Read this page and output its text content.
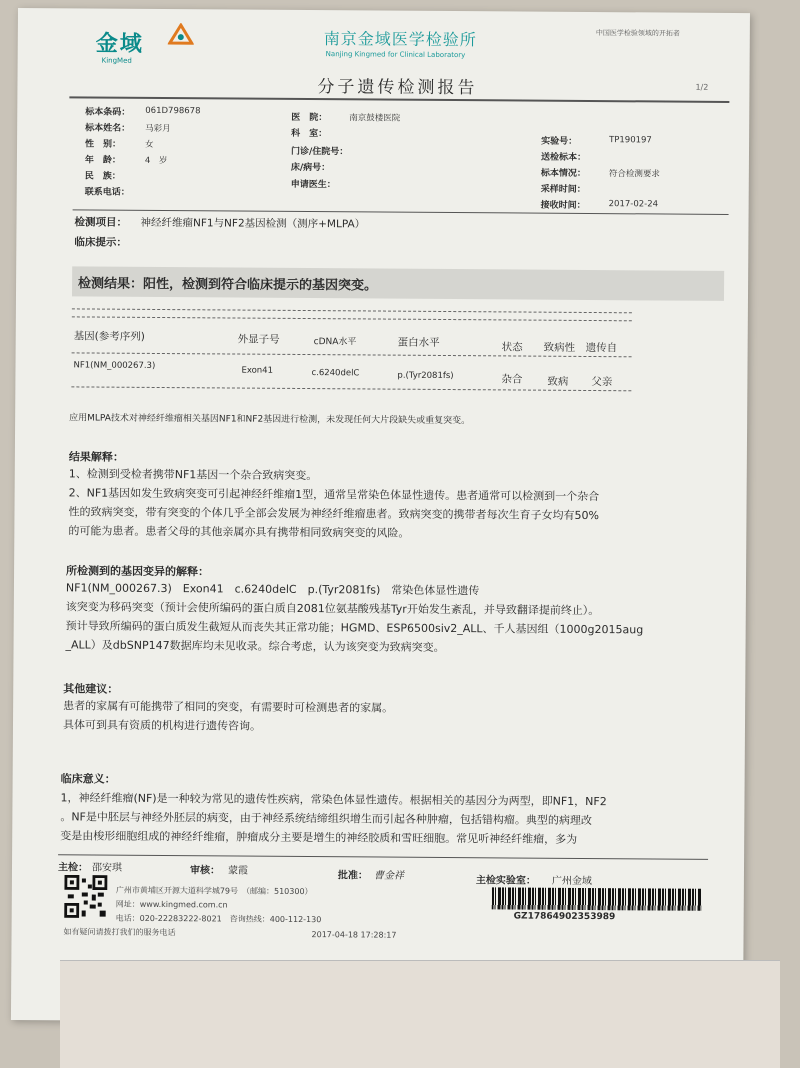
金域
KingMed
南京金域医学检验所
Nanjing Kingmed for Clinical Laboratory
中国医学检验领域的开拓者
分子遗传检测报告	1/2
标本条码： 061D798678
标本姓名： 马彩月
性　别：	女
年　龄：	4　岁
民　族：
联系电话：
医　院：	南京鼓楼医院
科　室：
门诊/住院号：
床/病号：
申请医生：
实验号：	TP190197
送检标本：
标本情况：	符合检测要求
采样时间：
接收时间：	2017-02-24
检测项目： 神经纤维瘤NF1与NF2基因检测（测序+MLPA）
临床提示：
检测结果：阳性，检测到符合临床提示的基因突变。
基因(参考序列)	外显子号	cDNA水平	蛋白水平	状态 致病性 遗传自
NF1(NM_000267.3)	Exon41	c.6240delC	p.(Tyr2081fs)	杂合 致病 父亲
应用MLPA技术对神经纤维瘤相关基因NF1和NF2基因进行检测，未发现任何大片段缺失或重复突变。
结果解释：
1、检测到受检者携带NF1基因一个杂合致病突变。
2、NF1基因如发生致病突变可引起神经纤维瘤1型，通常呈常染色体显性遗传。患者通常可以检测到一个杂合
性的致病突变，带有突变的个体几乎全部会发展为神经纤维瘤患者。致病突变的携带者每次生育子女均有50%
的可能为患者。患者父母的其他亲属亦具有携带相同致病突变的风险。
所检测到的基因变异的解释：
NF1(NM_000267.3)　Exon41　c.6240delC　p.(Tyr2081fs)　常染色体显性遗传
该突变为移码突变（预计会使所编码的蛋白质自2081位氨基酸残基Tyr开始发生紊乱，并导致翻译提前终止）。
预计导致所编码的蛋白质发生截短从而丧失其正常功能；HGMD、ESP6500siv2_ALL、千人基因组（1000g2015aug
_ALL）及dbSNP147数据库均未见收录。综合考虑，认为该突变为致病突变。
其他建议：
患者的家属有可能携带了相同的突变，有需要时可检测患者的家属。
具体可到具有资质的机构进行遗传咨询。
临床意义：
1，神经纤维瘤(NF)是一种较为常见的遗传性疾病，常染色体显性遗传。根据相关的基因分为两型，即NF1，NF2
。NF是中胚层与神经外胚层的病变，由于神经系统结缔组织增生而引起各种肿瘤，包括错构瘤。典型的病理改
变是由梭形细胞组成的神经纤维瘤，肿瘤成分主要是增生的神经胶质和雪旺细胞。常见听神经纤维瘤，多为
主检： 邵安琪	审核： 蒙霞	批准： 曹金祥	主检实验室： 广州金域
广州市黄埔区开源大道科学城79号　（邮编：510300）
网址：www.kingmed.com.cn
电话：020-22283222-8021　咨询热线：400-112-130
如有疑问请拨打我们的服务电话	2017-04-18 17:28:17
GZ17864902353989
